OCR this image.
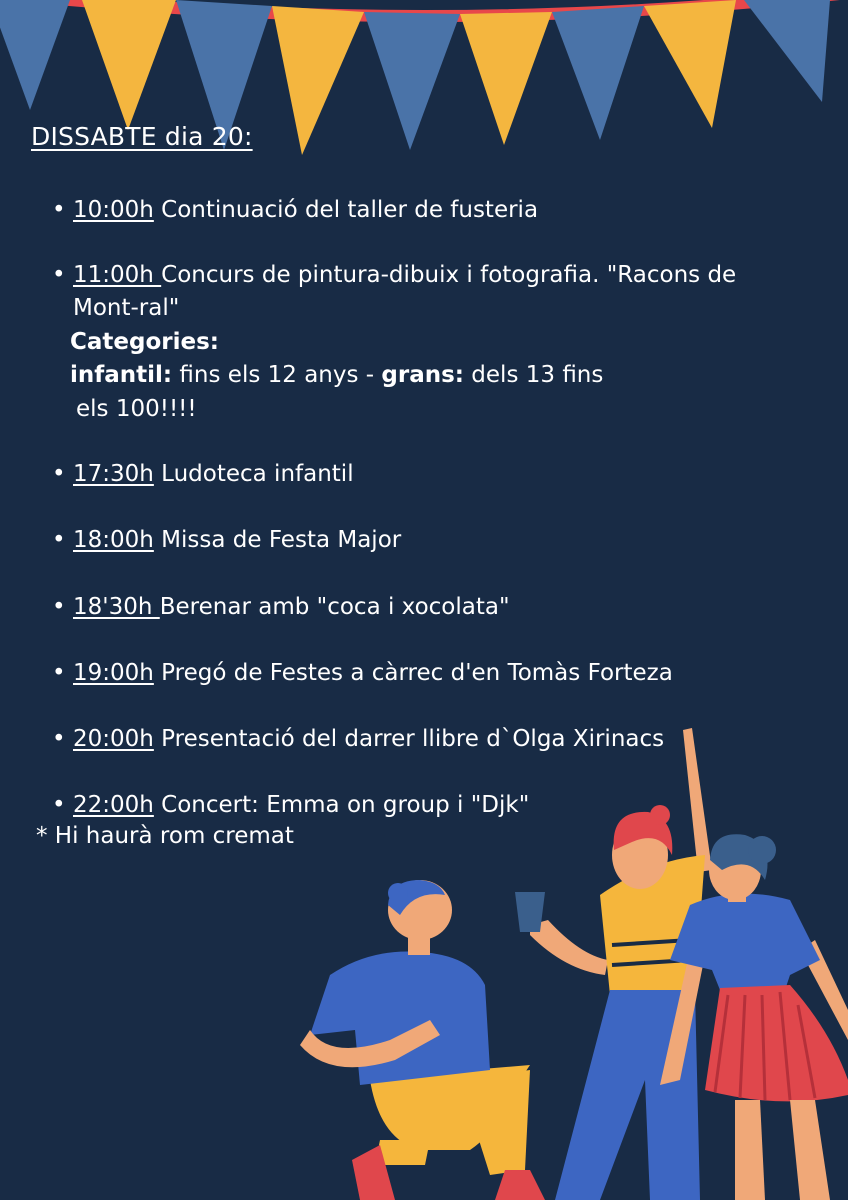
DISSABTE dia 20:
• 10:00h Continuació del taller de fusteria
• 11:00h Concurs de pintura-dibuix i fotografia. "Racons de
Mont-ral"
Categories:
infantil: fins els 12 anys - grans: dels 13 fins
els 100!!!!
• 17:30h Ludoteca infantil
• 18:00h Missa de Festa Major
• 18'30h Berenar amb "coca i xocolata"
• 19:00h Pregó de Festes a càrrec d'en Tomàs Forteza
• 20:00h Presentació del darrer llibre d`Olga Xirinacs
• 22:00h Concert: Emma on group i "Djk"
* Hi haurà rom cremat
